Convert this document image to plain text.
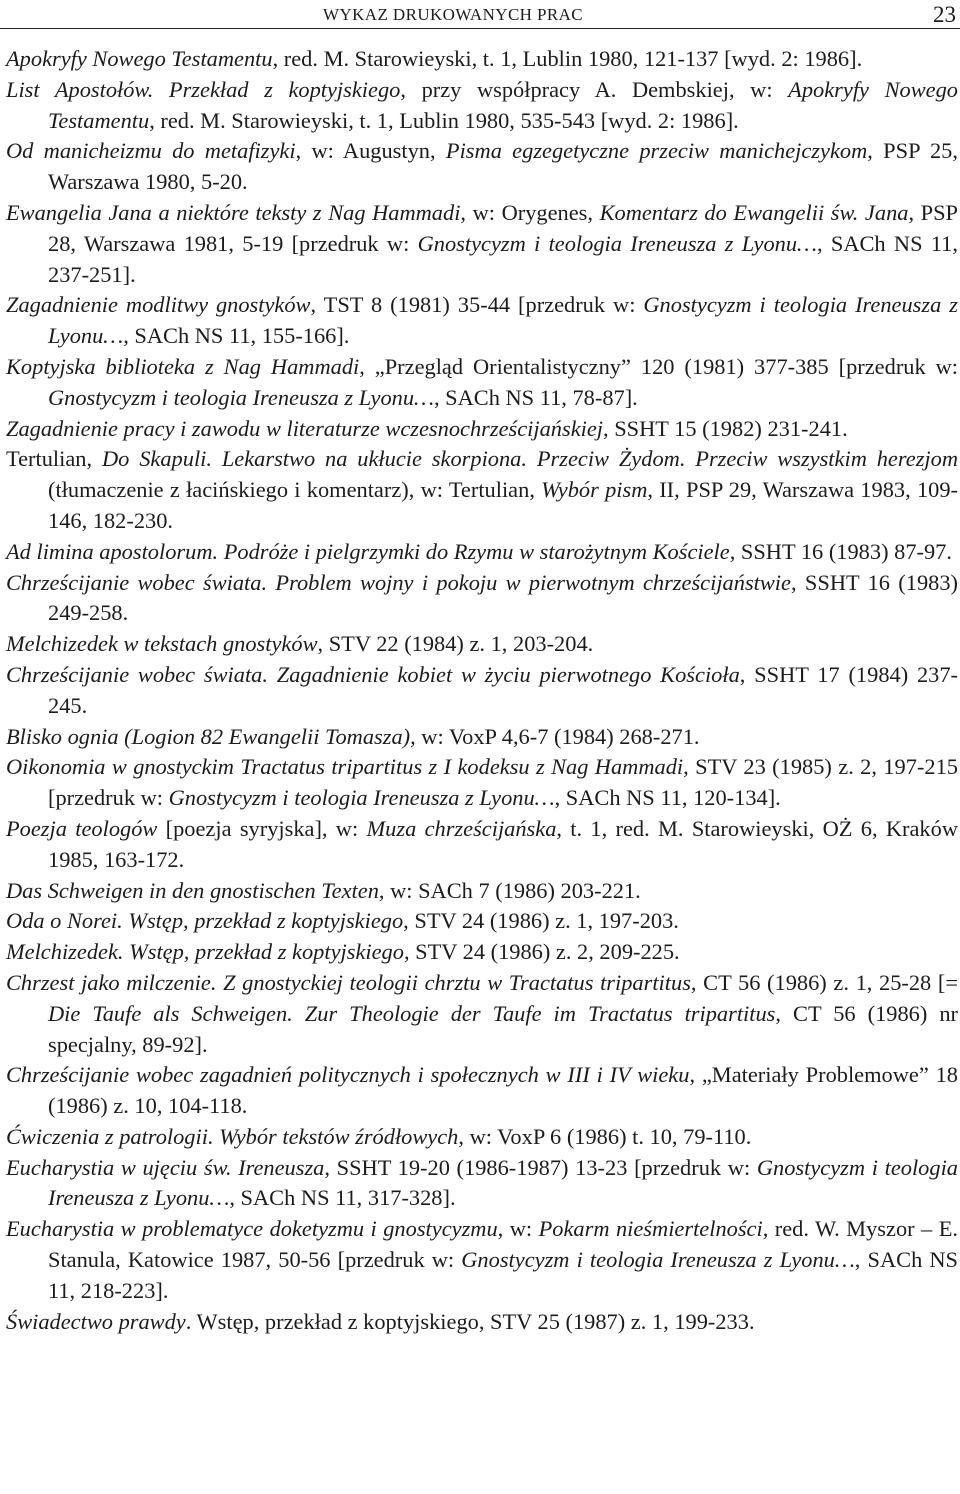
WYKAZ DRUKOWANYCH PRAC	23

Apokryfy Nowego Testamentu, red. M. Starowieyski, t. 1, Lublin 1980, 121-137 [wyd. 2: 1986].

List Apostołów. Przekład z koptyjskiego, przy współpracy A. Dembskiej, w: Apokryfy Nowego Testamentu, red. M. Starowieyski, t. 1, Lublin 1980, 535-543 [wyd. 2: 1986].

Od manicheizmu do metafizyki, w: Augustyn, Pisma egzegetyczne przeciw manichejczykom, PSP 25, Warszawa 1980, 5-20.

Ewangelia Jana a niektóre teksty z Nag Hammadi, w: Orygenes, Komentarz do Ewangelii św. Jana, PSP 28, Warszawa 1981, 5-19 [przedruk w: Gnostycyzm i teologia Ireneusza z Lyonu…, SACh NS 11, 237-251].

Zagadnienie modlitwy gnostyków, TST 8 (1981) 35-44 [przedruk w: Gnostycyzm i teologia Ireneusza z Lyonu…, SACh NS 11, 155-166].

Koptyjska biblioteka z Nag Hammadi, „Przegląd Orientalistyczny” 120 (1981) 377-385 [przedruk w: Gnostycyzm i teologia Ireneusza z Lyonu…, SACh NS 11, 78-87].

Zagadnienie pracy i zawodu w literaturze wczesnochrześcijańskiej, SSHT 15 (1982) 231-241.

Tertulian, Do Skapuli. Lekarstwo na ukłucie skorpiona. Przeciw Żydom. Przeciw wszystkim herezjom (tłumaczenie z łacińskiego i komentarz), w: Tertulian, Wybór pism, II, PSP 29, Warszawa 1983, 109-146, 182-230.

Ad limina apostolorum. Podróże i pielgrzymki do Rzymu w starożytnym Kościele, SSHT 16 (1983) 87-97.

Chrześcijanie wobec świata. Problem wojny i pokoju w pierwotnym chrześcijaństwie, SSHT 16 (1983) 249-258.

Melchizedek w tekstach gnostyków, STV 22 (1984) z. 1, 203-204.

Chrześcijanie wobec świata. Zagadnienie kobiet w życiu pierwotnego Kościoła, SSHT 17 (1984) 237-245.

Blisko ognia (Logion 82 Ewangelii Tomasza), w: VoxP 4,6-7 (1984) 268-271.

Oikonomia w gnostyckim Tractatus tripartitus z I kodeksu z Nag Hammadi, STV 23 (1985) z. 2, 197-215 [przedruk w: Gnostycyzm i teologia Ireneusza z Lyonu…, SACh NS 11, 120-134].

Poezja teologów [poezja syryjska], w: Muza chrześcijańska, t. 1, red. M. Starowieyski, OŻ 6, Kraków 1985, 163-172.

Das Schweigen in den gnostischen Texten, w: SACh 7 (1986) 203-221.

Oda o Norei. Wstęp, przekład z koptyjskiego, STV 24 (1986) z. 1, 197-203.

Melchizedek. Wstęp, przekład z koptyjskiego, STV 24 (1986) z. 2, 209-225.

Chrzest jako milczenie. Z gnostyckiej teologii chrztu w Tractatus tripartitus, CT 56 (1986) z. 1, 25-28 [= Die Taufe als Schweigen. Zur Theologie der Taufe im Tractatus tripartitus, CT 56 (1986) nr specjalny, 89-92].

Chrześcijanie wobec zagadnień politycznych i społecznych w III i IV wieku, „Materiały Problemowe” 18 (1986) z. 10, 104-118.

Ćwiczenia z patrologii. Wybór tekstów źródłowych, w: VoxP 6 (1986) t. 10, 79-110.

Eucharystia w ujęciu św. Ireneusza, SSHT 19-20 (1986-1987) 13-23 [przedruk w: Gnostycyzm i teologia Ireneusza z Lyonu…, SACh NS 11, 317-328].

Eucharystia w problematyce doketyzmu i gnostycyzmu, w: Pokarm nieśmiertelności, red. W. Myszor – E. Stanula, Katowice 1987, 50-56 [przedruk w: Gnostycyzm i teologia Ireneusza z Lyonu…, SACh NS 11, 218-223].

Świadectwo prawdy. Wstęp, przekład z koptyjskiego, STV 25 (1987) z. 1, 199-233.
